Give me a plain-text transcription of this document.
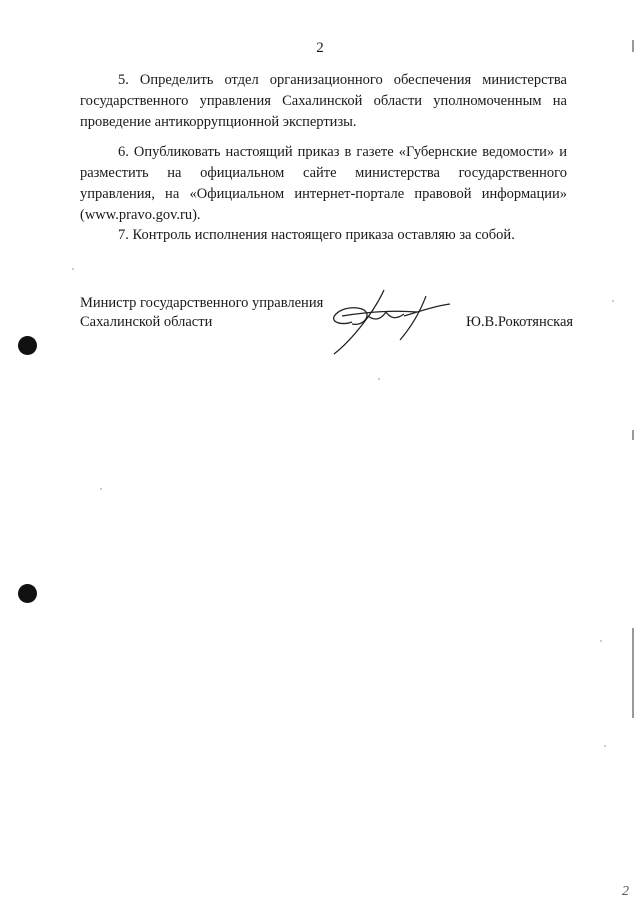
2

5. Определить отдел организационного обеспечения министерства государственного управления Сахалинской области уполномоченным на проведение антикоррупционной экспертизы.

6. Опубликовать настоящий приказ в газете «Губернские ведомости» и разместить на официальном сайте министерства государственного управления, на «Официальном интернет-портале правовой информации» (www.pravo.gov.ru).

7. Контроль исполнения настоящего приказа оставляю за собой.

Министр государственного управления
Сахалинской области	Ю.В.Рокотянская
2
